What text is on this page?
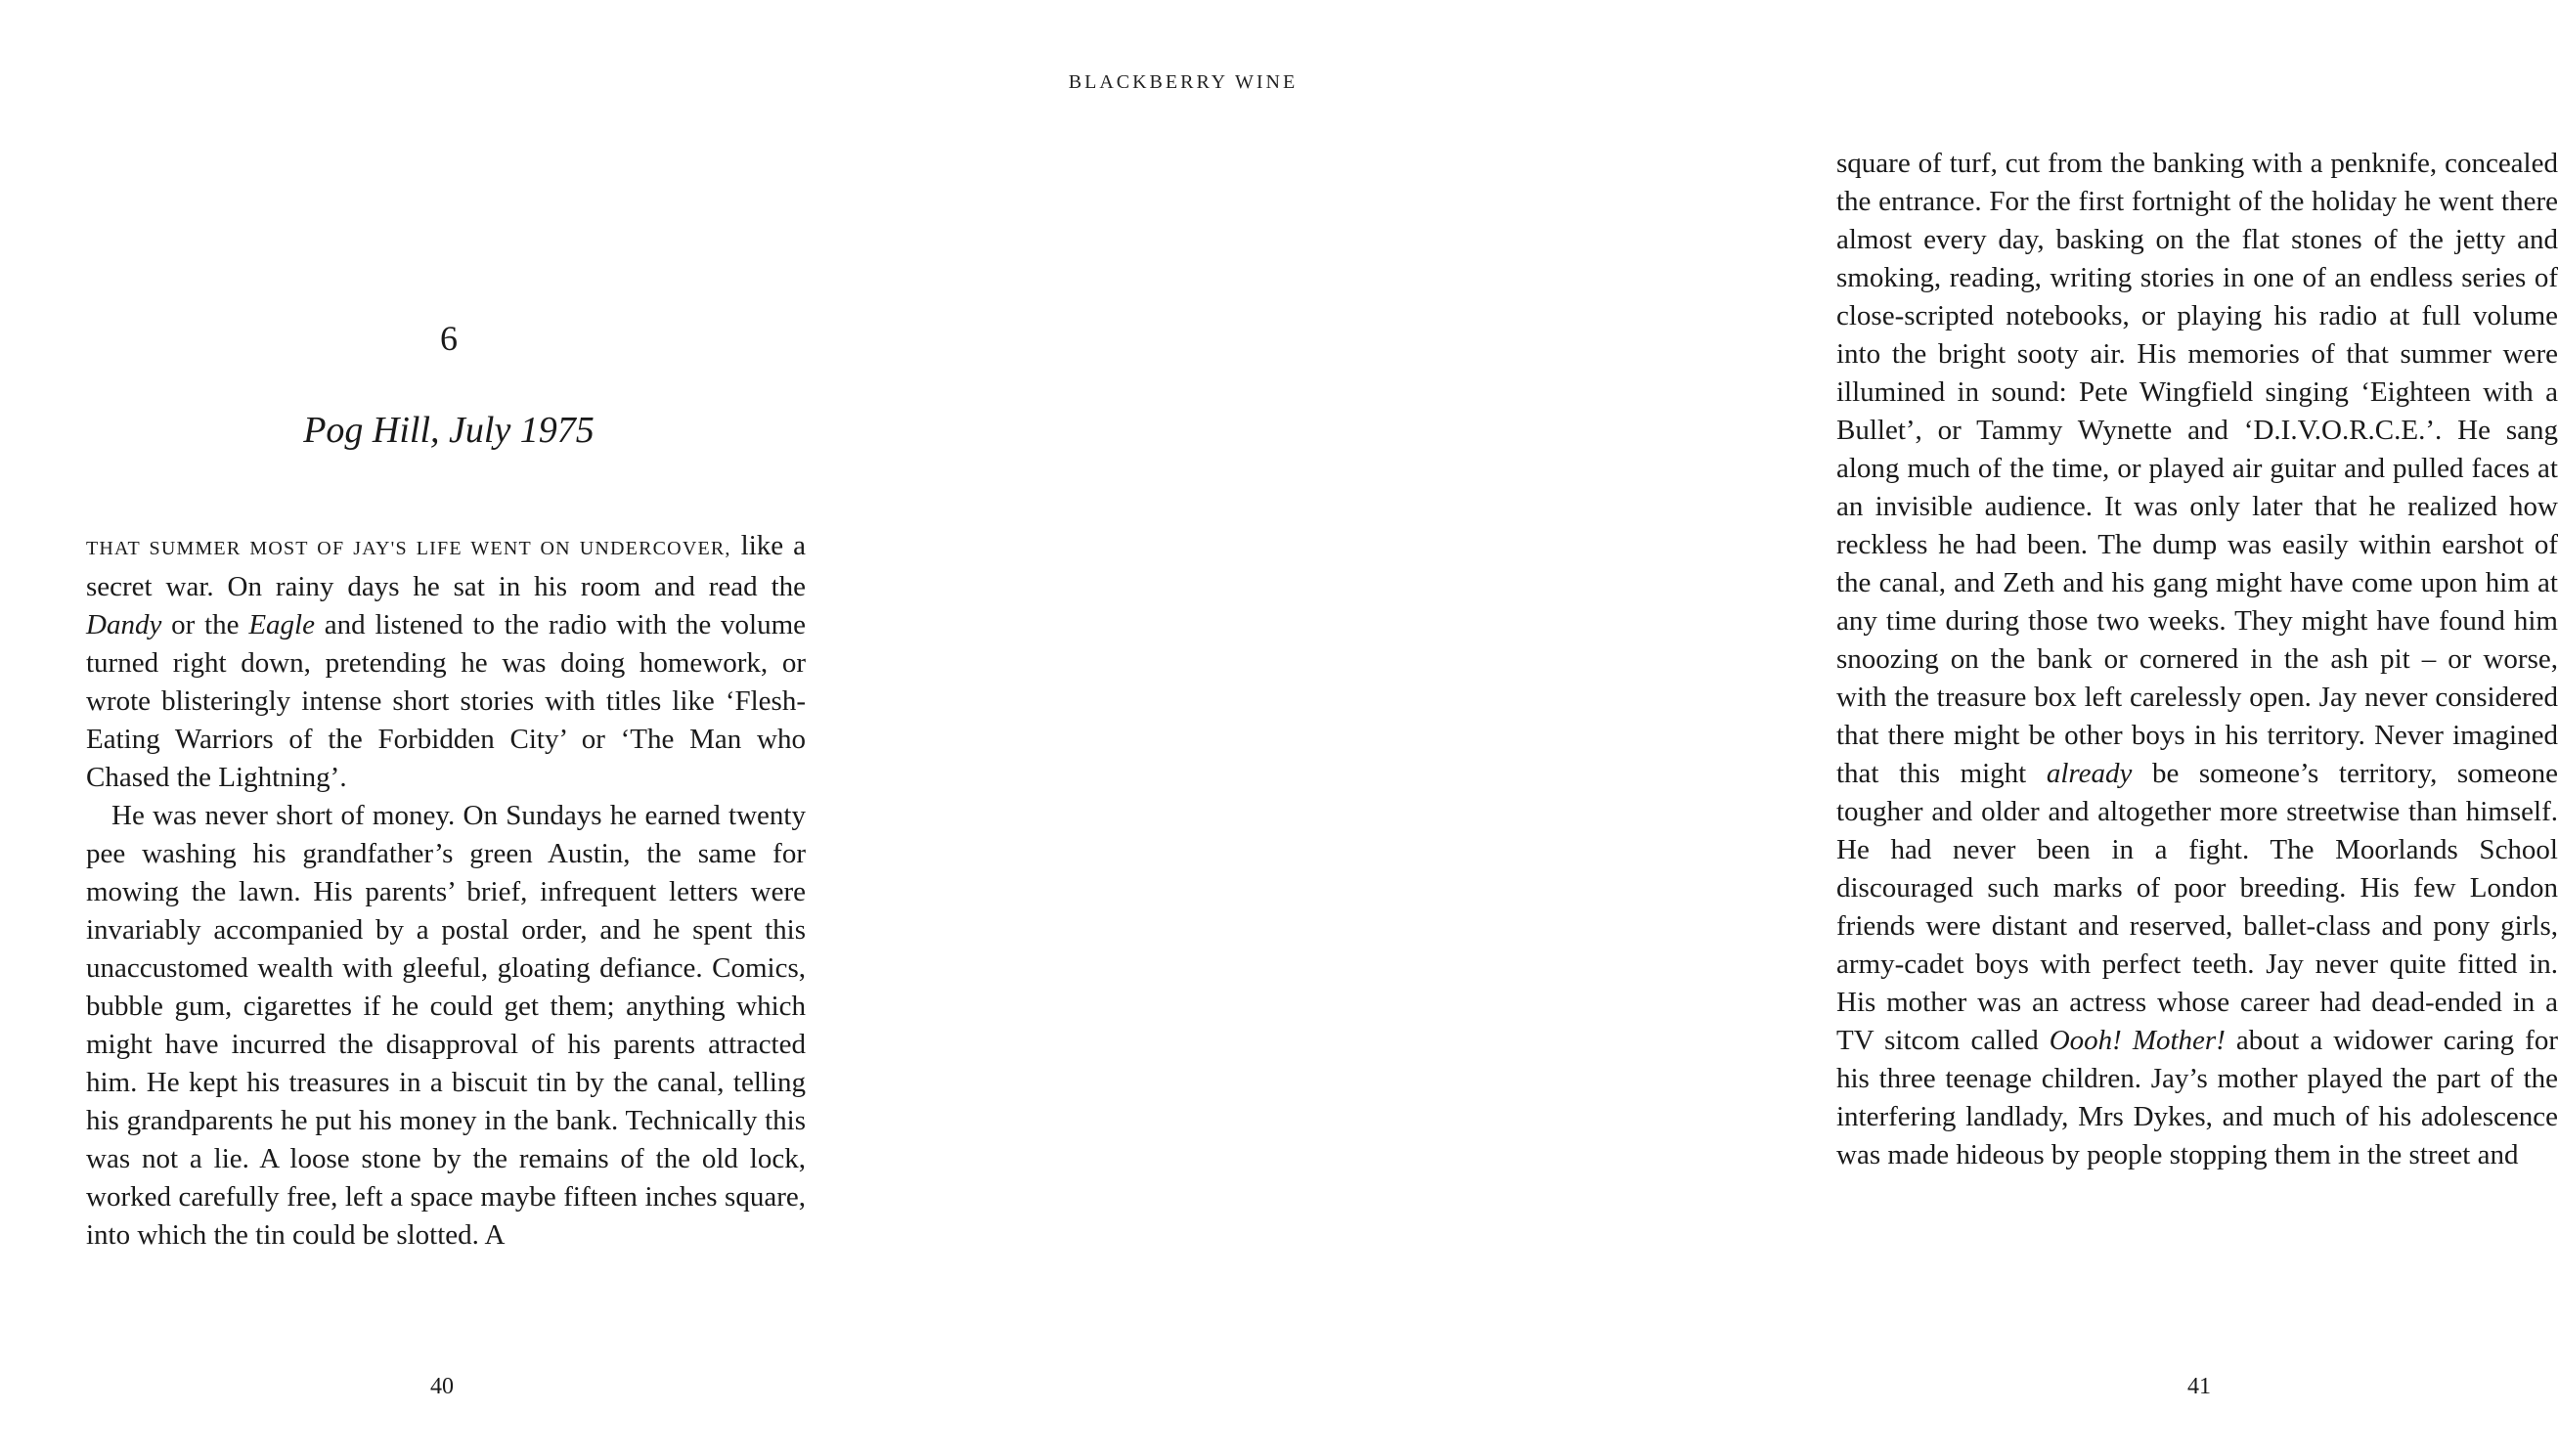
6
Pog Hill, July 1975

THAT SUMMER MOST OF JAY'S LIFE WENT ON UNDERCOVER, like a secret war. On rainy days he sat in his room and read the Dandy or the Eagle and listened to the radio with the volume turned right down, pretending he was doing homework, or wrote blisteringly intense short stories with titles like ‘Flesh-Eating Warriors of the Forbidden City’ or ‘The Man who Chased the Lightning’.

He was never short of money. On Sundays he earned twenty pee washing his grandfather’s green Austin, the same for mowing the lawn. His parents’ brief, infrequent letters were invariably accompanied by a postal order, and he spent this unaccustomed wealth with gleeful, gloating defiance. Comics, bubble gum, cigarettes if he could get them; anything which might have incurred the disapproval of his parents attracted him. He kept his treasures in a biscuit tin by the canal, telling his grandparents he put his money in the bank. Technically this was not a lie. A loose stone by the remains of the old lock, worked carefully free, left a space maybe fifteen inches square, into which the tin could be slotted. A

40

square of turf, cut from the banking with a penknife, concealed the entrance. For the first fortnight of the holiday he went there almost every day, basking on the flat stones of the jetty and smoking, reading, writing stories in one of an endless series of close-scripted notebooks, or playing his radio at full volume into the bright sooty air. His memories of that summer were illumined in sound: Pete Wingfield singing ‘Eighteen with a Bullet’, or Tammy Wynette and ‘D.I.V.O.R.C.E.’. He sang along much of the time, or played air guitar and pulled faces at an invisible audience. It was only later that he realized how reckless he had been. The dump was easily within earshot of the canal, and Zeth and his gang might have come upon him at any time during those two weeks. They might have found him snoozing on the bank or cornered in the ash pit – or worse, with the treasure box left carelessly open. Jay never considered that there might be other boys in his territory. Never imagined that this might already be someone’s territory, someone tougher and older and altogether more streetwise than himself. He had never been in a fight. The Moorlands School discouraged such marks of poor breeding. His few London friends were distant and reserved, ballet-class and pony girls, army-cadet boys with perfect teeth. Jay never quite fitted in. His mother was an actress whose career had dead-ended in a TV sitcom called Oooh! Mother! about a widower caring for his three teenage children. Jay’s mother played the part of the interfering landlady, Mrs Dykes, and much of his adolescence was made hideous by people stopping them in the street and

41
BLACKBERRY WINE
